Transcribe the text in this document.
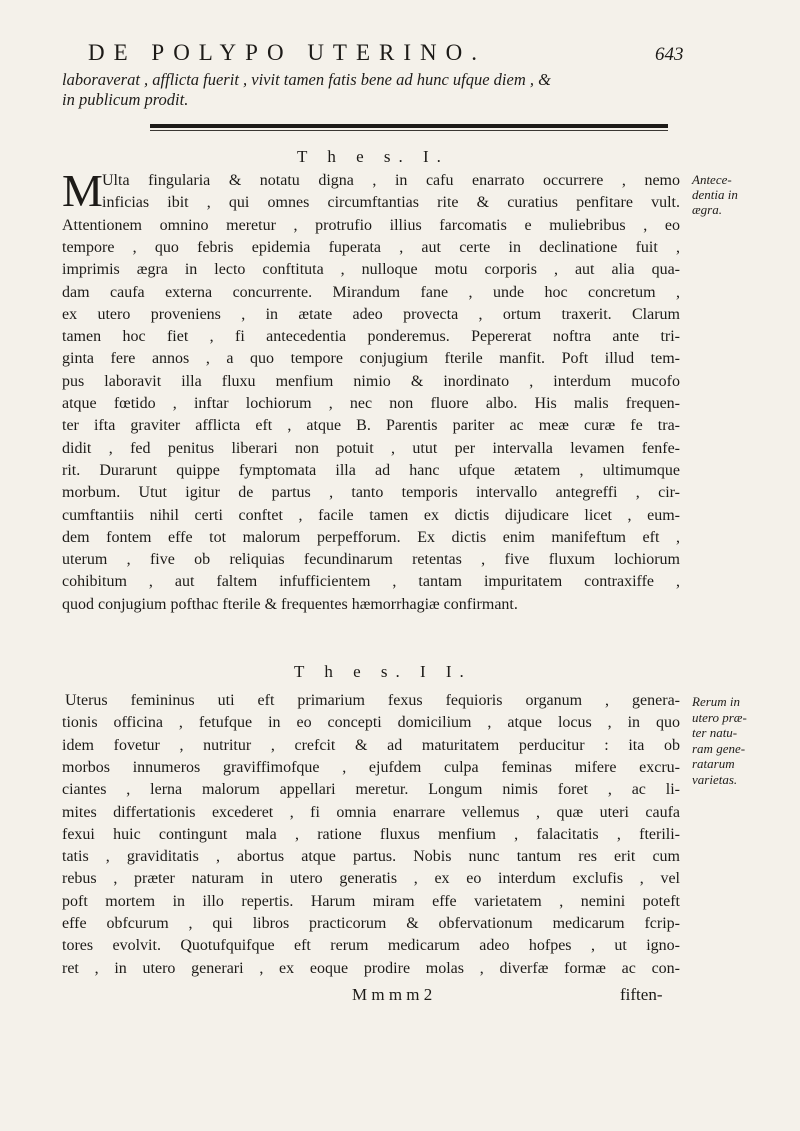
DE POLYPO UTERINO.	643
laboraverat , afflicta fuerit , vivit tamen fatis bene ad hunc ufque diem , &
in publicum prodit.
T h e s. I.
M Ulta fingularia & notatu digna , in cafu enarrato occurrere , nemo
inficias ibit , qui omnes circumftantias rite & curatius penfitare vult.
Attentionem omnino meretur , protrufio illius farcomatis e muliebribus , eo
tempore , quo febris epidemia fuperata , aut certe in declinatione fuit ,
imprimis ægra in lecto conftituta , nulloque motu corporis , aut alia qua-
dam caufa externa concurrente. Mirandum fane , unde hoc concretum ,
ex utero proveniens , in ætate adeo provecta , ortum traxerit. Clarum
tamen hoc fiet , fi antecedentia ponderemus. Pepererat noftra ante tri-
ginta fere annos , a quo tempore conjugium fterile manfit. Poft illud tem-
pus laboravit illa fluxu menfium nimio & inordinato , interdum mucofo
atque fœtido , inftar lochiorum , nec non fluore albo. His malis frequen-
ter ifta graviter afflicta eft , atque B. Parentis pariter ac meæ curæ fe tra-
didit , fed penitus liberari non potuit , utut per intervalla levamen fenfe-
rit. Durarunt quippe fymptomata illa ad hanc ufque ætatem , ultimumque
morbum. Utut igitur de partus , tanto temporis intervallo antegreffi , cir-
cumftantiis nihil certi conftet , facile tamen ex dictis dijudicare licet , eum-
dem fontem effe tot malorum perpefforum. Ex dictis enim manifeftum eft ,
uterum , five ob reliquias fecundinarum retentas , five fluxum lochiorum
cohibitum , aut faltem infufficientem , tantam impuritatem contraxiffe ,
quod conjugium pofthac fterile & frequentes hæmorrhagiæ confirmant.
Antece-
dentia in
ægra.
T h e s. I I.
Uterus femininus uti eft primarium fexus fequioris organum , genera-
tionis officina , fetufque in eo concepti domicilium , atque locus , in quo
idem fovetur , nutritur , crefcit & ad maturitatem perducitur : ita ob
morbos innumeros graviffimofque , ejufdem culpa feminas mifere excru-
ciantes , lerna malorum appellari meretur. Longum nimis foret , ac li-
mites differtationis excederet , fi omnia enarrare vellemus , quæ uteri caufa
fexui huic contingunt mala , ratione fluxus menfium , falacitatis , fterili-
tatis , graviditatis , abortus atque partus. Nobis nunc tantum res erit cum
rebus , præter naturam in utero generatis , ex eo interdum exclufis , vel
poft mortem in illo repertis. Harum miram effe varietatem , nemini poteft
effe obfcurum , qui libros practicorum & obfervationum medicarum fcrip-
tores evolvit. Quotufquifque eft rerum medicarum adeo hofpes , ut igno-
ret , in utero generari , ex eoque prodire molas , diverfæ formæ ac con-
Rerum in
utero præ-
ter natu-
ram gene-
ratarum
varietas.
M m m m 2	fiften-
